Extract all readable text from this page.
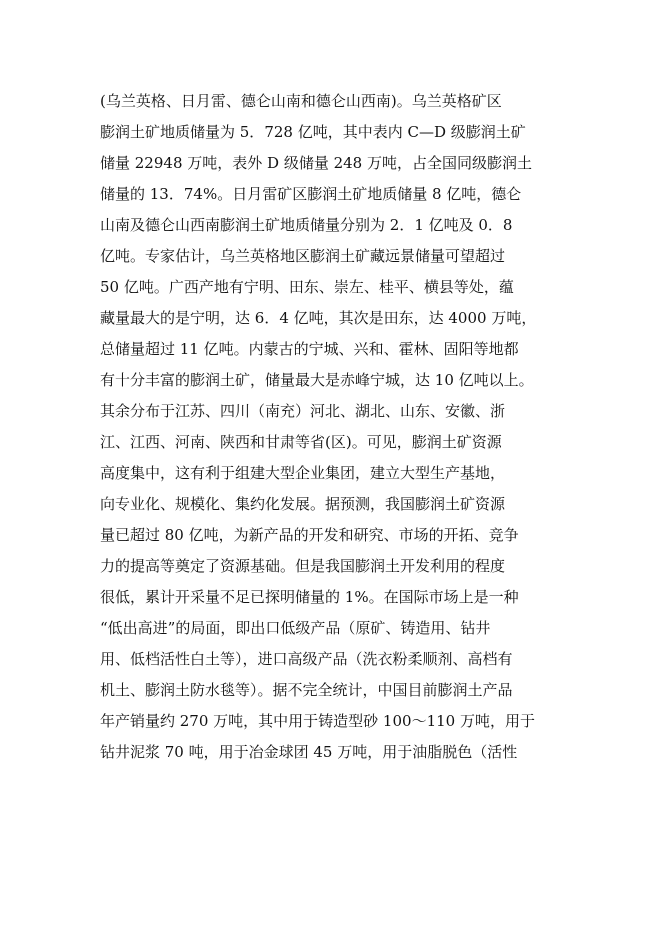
(乌兰英格、日月雷、德仑山南和德仑山西南)。乌兰英格矿区
膨润土矿地质储量为 5．728 亿吨，其中表内 C—D 级膨润土矿
储量 22948 万吨，表外 D 级储量 248 万吨，占全国同级膨润土
储量的 13．74%。日月雷矿区膨润土矿地质储量 8 亿吨，德仑
山南及德仑山西南膨润土矿地质储量分别为 2．1 亿吨及 0．8
亿吨。专家估计，乌兰英格地区膨润土矿藏远景储量可望超过
50 亿吨。广西产地有宁明、田东、崇左、桂平、横县等处，蕴
藏量最大的是宁明，达 6．4 亿吨，其次是田东，达 4000 万吨，
总储量超过 11 亿吨。内蒙古的宁城、兴和、霍林、固阳等地都
有十分丰富的膨润土矿，储量最大是赤峰宁城，达 10 亿吨以上。
其余分布于江苏、四川（南充）河北、湖北、山东、安徽、浙
江、江西、河南、陕西和甘肃等省(区)。可见，膨润土矿资源
高度集中，这有利于组建大型企业集团，建立大型生产基地，
向专业化、规模化、集约化发展。据预测，我国膨润土矿资源
量已超过 80 亿吨，为新产品的开发和研究、市场的开拓、竞争
力的提高等奠定了资源基础。但是我国膨润土开发利用的程度
很低，累计开采量不足已探明储量的 1%。在国际市场上是一种
“低出高进”的局面，即出口低级产品（原矿、铸造用、钻井
用、低档活性白土等），进口高级产品（洗衣粉柔顺剂、高档有
机土、膨润土防水毯等）。据不完全统计，中国目前膨润土产品
年产销量约 270 万吨，其中用于铸造型砂 100～110 万吨，用于
钻井泥浆 70 吨，用于冶金球团 45 万吨，用于油脂脱色（活性
